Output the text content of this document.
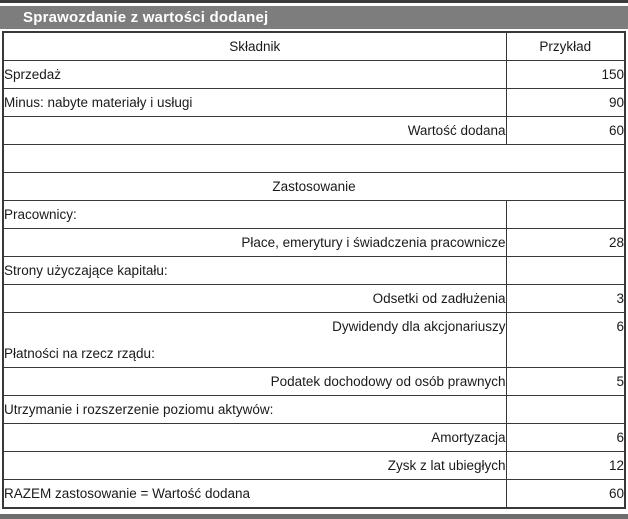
Sprawozdanie z wartości dodanej
Składnik	Przykład
Sprzedaż	150
Minus: nabyte materiały i usługi	90
Wartość dodana	60

Zastosowanie	
Pracownicy:	
Płace, emerytury i świadczenia pracownicze	28
Strony użyczające kapitału:	
Odsetki od zadłużenia	3
Dywidendy dla akcjonariuszy	6
Płatności na rzecz rządu:	
Podatek dochodowy od osób prawnych	5
Utrzymanie i rozszerzenie poziomu aktywów:	
Amortyzacja	6
Zysk z lat ubiegłych	12
RAZEM zastosowanie = Wartość dodana	60
